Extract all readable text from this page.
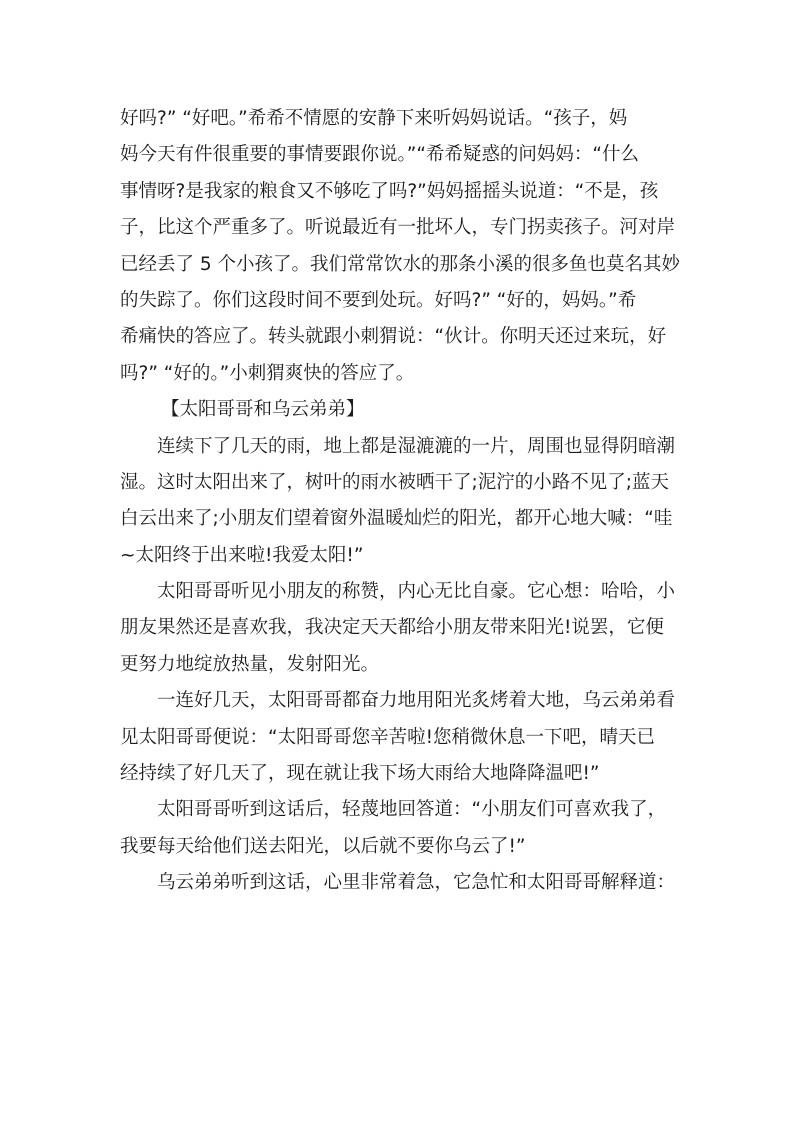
好吗?” “好吧。”希希不情愿的安静下来听妈妈说话。“孩子，妈
妈今天有件很重要的事情要跟你说。”“希希疑惑的问妈妈：“什么
事情呀?是我家的粮食又不够吃了吗?”妈妈摇摇头说道：“不是，孩
子，比这个严重多了。听说最近有一批坏人，专门拐卖孩子。河对岸
已经丢了 5 个小孩了。我们常常饮水的那条小溪的很多鱼也莫名其妙
的失踪了。你们这段时间不要到处玩。好吗?” “好的，妈妈。”希
希痛快的答应了。转头就跟小刺猬说：“伙计。你明天还过来玩，好
吗?” “好的。”小刺猬爽快的答应了。
【太阳哥哥和乌云弟弟】
连续下了几天的雨，地上都是湿漉漉的一片，周围也显得阴暗潮
湿。这时太阳出来了，树叶的雨水被晒干了;泥泞的小路不见了;蓝天
白云出来了;小朋友们望着窗外温暖灿烂的阳光，都开心地大喊：“哇
~太阳终于出来啦!我爱太阳!”
太阳哥哥听见小朋友的称赞，内心无比自豪。它心想：哈哈，小
朋友果然还是喜欢我，我决定天天都给小朋友带来阳光!说罢，它便
更努力地绽放热量，发射阳光。
一连好几天，太阳哥哥都奋力地用阳光炙烤着大地，乌云弟弟看
见太阳哥哥便说：“太阳哥哥您辛苦啦!您稍微休息一下吧，晴天已
经持续了好几天了，现在就让我下场大雨给大地降降温吧!”
太阳哥哥听到这话后，轻蔑地回答道：“小朋友们可喜欢我了，
我要每天给他们送去阳光，以后就不要你乌云了!”
乌云弟弟听到这话，心里非常着急，它急忙和太阳哥哥解释道：
